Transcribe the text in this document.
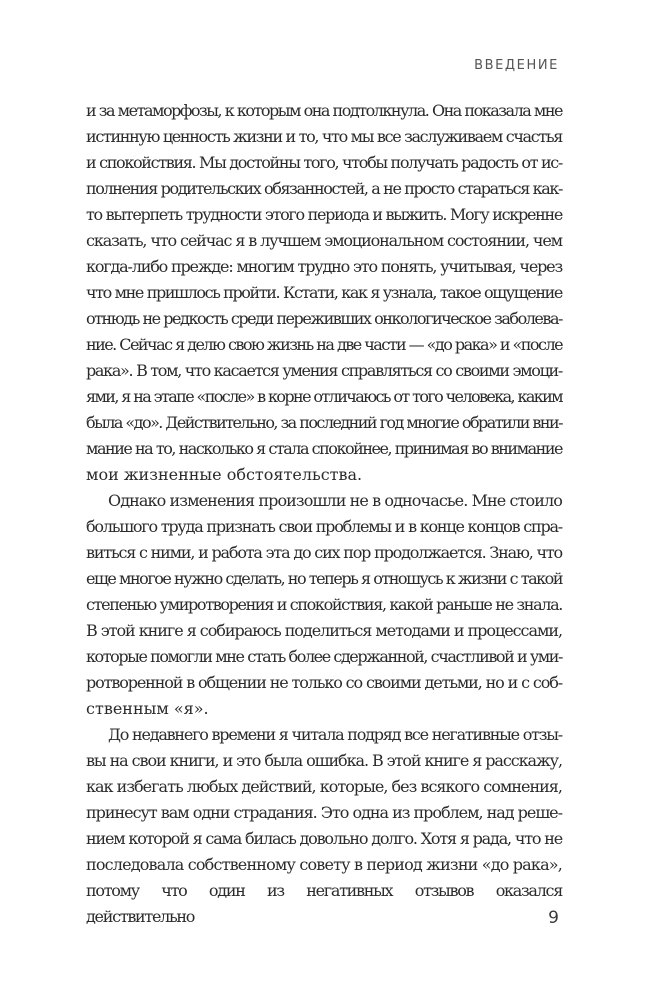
ВВЕДЕНИЕ

и за метаморфозы, к которым она подтолкнула. Она показала мне
истинную ценность жизни и то, что мы все заслуживаем счастья
и спокойствия. Мы достойны того, чтобы получать радость от ис-
полнения родительских обязанностей, а не просто стараться как-
то вытерпеть трудности этого периода и выжить. Могу искренне
сказать, что сейчас я в лучшем эмоциональном состоянии, чем
когда-либо прежде: многим трудно это понять, учитывая, через
что мне пришлось пройти. Кстати, как я узнала, такое ощущение
отнюдь не редкость среди переживших онкологическое заболева-
ние. Сейчас я делю свою жизнь на две части — «до рака» и «после
рака». В том, что касается умения справляться со своими эмоци-
ями, я на этапе «после» в корне отличаюсь от того человека, каким
была «до». Действительно, за последний год многие обратили вни-
мание на то, насколько я стала спокойнее, принимая во внимание
мои жизненные обстоятельства.

Однако изменения произошли не в одночасье. Мне стоило
большого труда признать свои проблемы и в конце концов спра-
виться с ними, и работа эта до сих пор продолжается. Знаю, что
еще многое нужно сделать, но теперь я отношусь к жизни с такой
степенью умиротворения и спокойствия, какой раньше не знала.
В этой книге я собираюсь поделиться методами и процессами,
которые помогли мне стать более сдержанной, счастливой и уми-
ротворенной в общении не только со своими детьми, но и с соб-
ственным «я».

До недавнего времени я читала подряд все негативные отзы-
вы на свои книги, и это была ошибка. В этой книге я расскажу,
как избегать любых действий, которые, без всякого сомнения,
принесут вам одни страдания. Это одна из проблем, над реше-
нием которой я сама билась довольно долго. Хотя я рада, что не
последовала собственному совету в период жизни «до рака»,
потому что один из негативных отзывов оказался действительно	9
